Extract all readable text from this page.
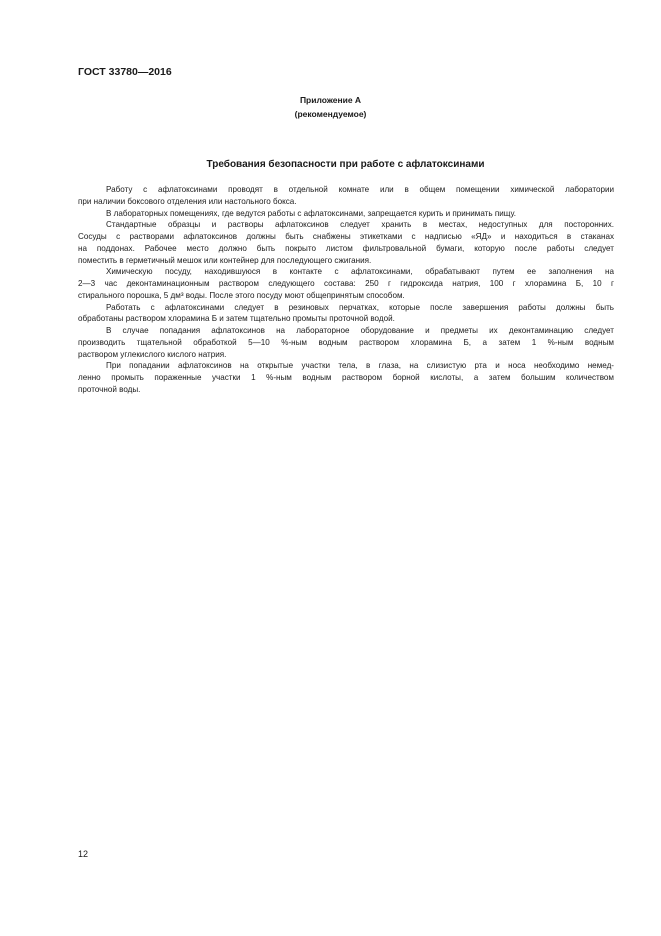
ГОСТ 33780—2016
Приложение А
(рекомендуемое)
Требования безопасности при работе с афлатоксинами
Работу с афлатоксинами проводят в отдельной комнате или в общем помещении химической лаборатории
при наличии боксового отделения или настольного бокса.
В лабораторных помещениях, где ведутся работы с афлатоксинами, запрещается курить и принимать пищу.
Стандартные образцы и растворы афлатоксинов следует хранить в местах, недоступных для посторонних.
Сосуды с растворами афлатоксинов должны быть снабжены этикетками с надписью «ЯД» и находиться в стаканах
на поддонах. Рабочее место должно быть покрыто листом фильтровальной бумаги, которую после работы следует
поместить в герметичный мешок или контейнер для последующего сжигания.
Химическую посуду, находившуюся в контакте с афлатоксинами, обрабатывают путем ее заполнения на
2—3 час деконтаминационным раствором следующего состава: 250 г гидроксида натрия, 100 г хлорамина Б, 10 г
стирального порошка, 5 дм³ воды. После этого посуду моют общепринятым способом.
Работать с афлатоксинами следует в резиновых перчатках, которые после завершения работы должны быть
обработаны раствором хлорамина Б и затем тщательно промыты проточной водой.
В случае попадания афлатоксинов на лабораторное оборудование и предметы их деконтаминацию следует
производить тщательной обработкой 5—10 %-ным водным раствором хлорамина Б, а затем 1 %-ным водным
раствором углекислого кислого натрия.
При попадании афлатоксинов на открытые участки тела, в глаза, на слизистую рта и носа необходимо немед-
ленно промыть пораженные участки 1 %-ным водным раствором борной кислоты, а затем большим количеством
проточной воды.
12
